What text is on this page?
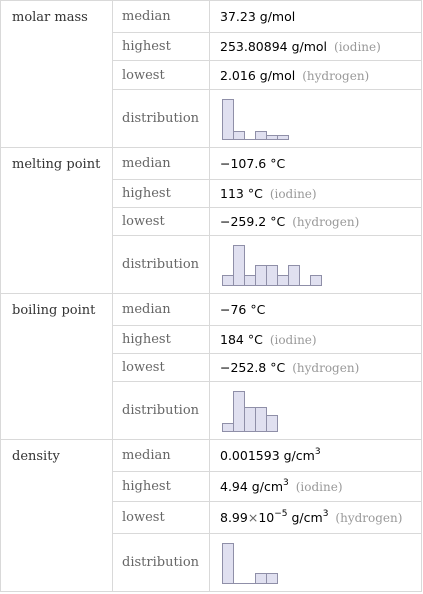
molar mass	median	37.23 g/mol
	highest	253.80894 g/mol (iodine)
	lowest	2.016 g/mol (hydrogen)
	distribution	

melting point	median	−107.6 °C
	highest	113 °C (iodine)
	lowest	−259.2 °C (hydrogen)
	distribution	

boiling point	median	−76 °C
	highest	184 °C (iodine)
	lowest	−252.8 °C (hydrogen)
	distribution	

density	median	0.001593 $g/cm^3$
	highest	4.94 $g/cm^3$ (iodine)
	lowest	$8.99\times 10^{-5}$ $g/cm^3$ (hydrogen)
	distribution	
